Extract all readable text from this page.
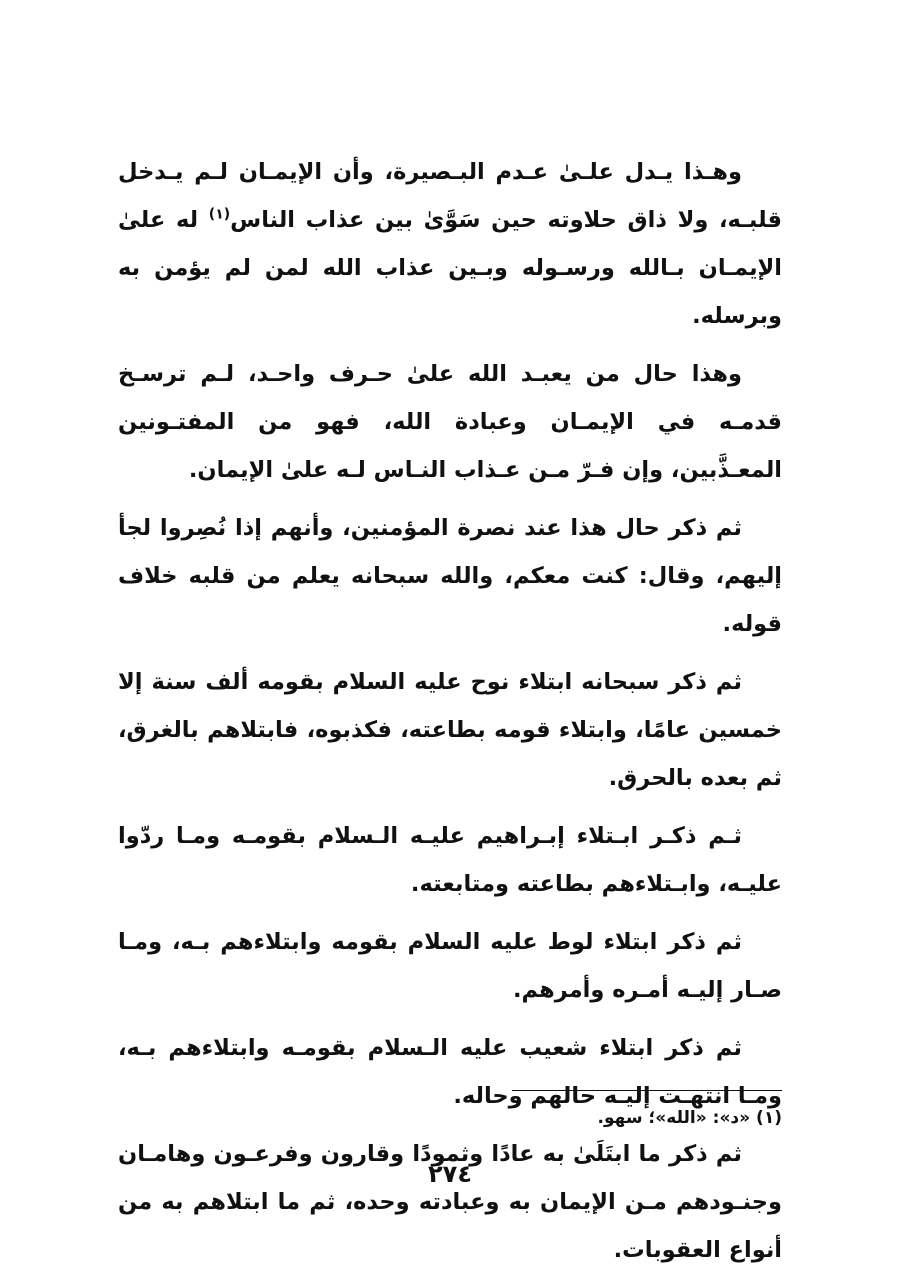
وهـذا يـدل علـىٰ عـدم البـصيرة، وأن الإيمـان لـم يـدخل قلبـه، ولا ذاق حلاوته حين سَوَّىٰ بين عذاب الناس$^{(١)}$ له علىٰ الإيمـان بـالله ورسـوله وبـين عذاب الله لمن لم يؤمن به وبرسله.

وهذا حال من يعبـد الله علىٰ حـرف واحـد، لـم ترسـخ قدمـه في الإيمـان وعبادة الله، فهو من المفتـونين المعـذَّبين، وإن فـرّ مـن عـذاب النـاس لـه علىٰ الإيمان.

ثم ذكر حال هذا عند نصرة المؤمنين، وأنهم إذا نُصِروا لجأ إليهم، وقال: كنت معكم، والله سبحانه يعلم من قلبه خلاف قوله.

ثم ذكر سبحانه ابتلاء نوح عليه السلام بقومه ألف سنة إلا خمسين عامًا، وابتلاء قومه بطاعته، فكذبوه، فابتلاهم بالغرق، ثم بعده بالحرق.

ثـم ذكـر ابـتلاء إبـراهيم عليـه الـسلام بقومـه ومـا ردّوا عليـه، وابـتلاءهم بطاعته ومتابعته.

ثم ذكر ابتلاء لوط عليه السلام بقومه وابتلاءهم بـه، ومـا صـار إليـه أمـره وأمرهم.

ثم ذكر ابتلاء شعيب عليه الـسلام بقومـه وابتلاءهم بـه، ومـا انتهـت إليـه حالهم وحاله.

ثم ذكر ما ابتَلَىٰ به عادًا وثمودًا وقارون وفرعـون وهامـان وجنـودهم مـن الإيمان به وعبادته وحده، ثم ما ابتلاهم به من أنواع العقوبات.

(١) «د»: «الله»؛ سهو.
٢٧٤
